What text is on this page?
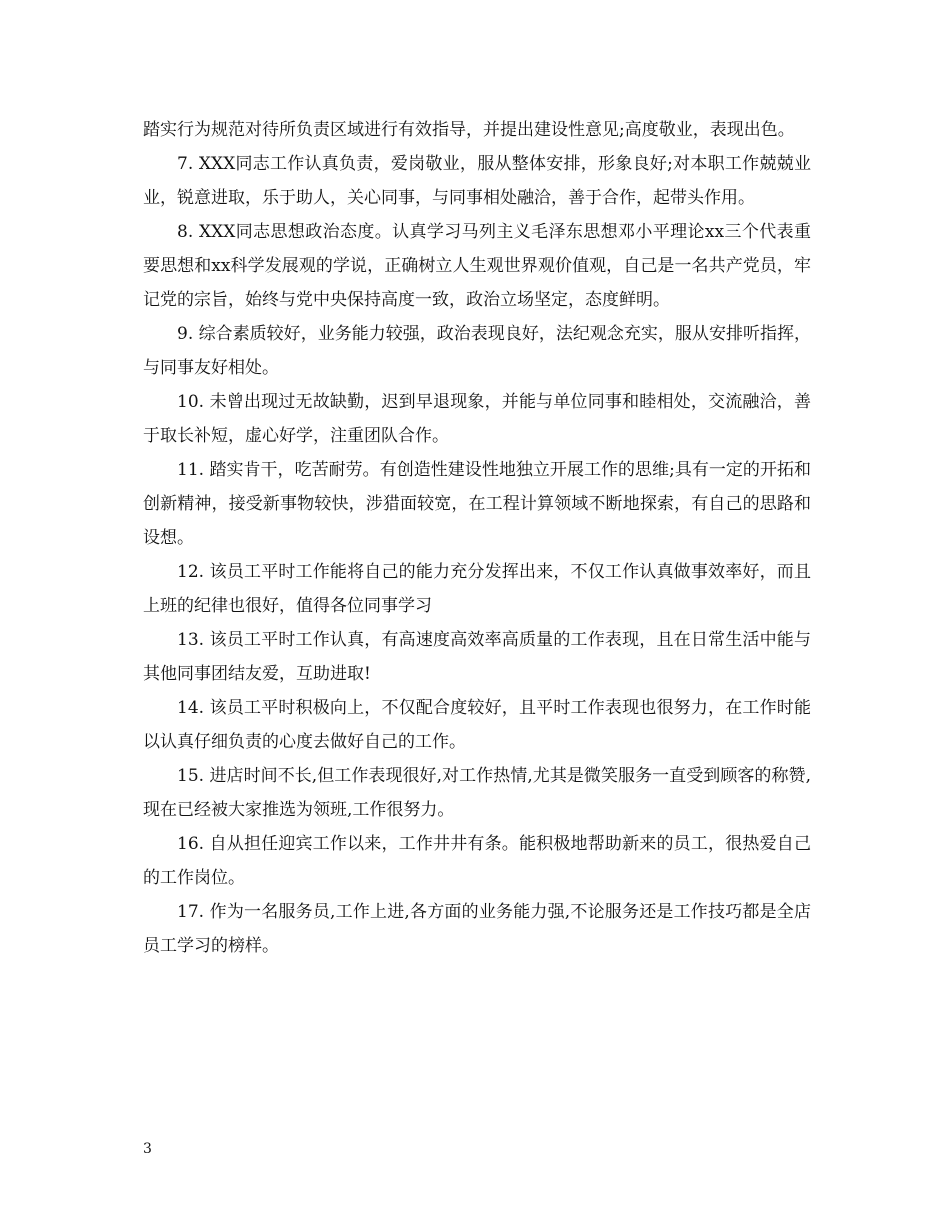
踏实行为规范对待所负责区域进行有效指导，并提出建设性意见;高度敬业，表现出色。

7. XXX同志工作认真负责，爱岗敬业，服从整体安排，形象良好;对本职工作兢兢业业，锐意进取，乐于助人，关心同事，与同事相处融洽，善于合作，起带头作用。

8. XXX同志思想政治态度。认真学习马列主义毛泽东思想邓小平理论xx三个代表重要思想和xx科学发展观的学说，正确树立人生观世界观价值观，自己是一名共产党员，牢记党的宗旨，始终与党中央保持高度一致，政治立场坚定，态度鲜明。

9. 综合素质较好，业务能力较强，政治表现良好，法纪观念充实，服从安排听指挥，与同事友好相处。

10. 未曾出现过无故缺勤，迟到早退现象，并能与单位同事和睦相处，交流融洽，善于取长补短，虚心好学，注重团队合作。

11. 踏实肯干，吃苦耐劳。有创造性建设性地独立开展工作的思维;具有一定的开拓和创新精神，接受新事物较快，涉猎面较宽，在工程计算领域不断地探索，有自己的思路和设想。

12. 该员工平时工作能将自己的能力充分发挥出来，不仅工作认真做事效率好，而且上班的纪律也很好，值得各位同事学习

13. 该员工平时工作认真，有高速度高效率高质量的工作表现，且在日常生活中能与其他同事团结友爱，互助进取!

14. 该员工平时积极向上，不仅配合度较好，且平时工作表现也很努力，在工作时能以认真仔细负责的心度去做好自己的工作。

15. 进店时间不长,但工作表现很好,对工作热情,尤其是微笑服务一直受到顾客的称赞,现在已经被大家推选为领班,工作很努力。

16. 自从担任迎宾工作以来，工作井井有条。能积极地帮助新来的员工，很热爱自己的工作岗位。

17. 作为一名服务员,工作上进,各方面的业务能力强,不论服务还是工作技巧都是全店员工学习的榜样。

3
